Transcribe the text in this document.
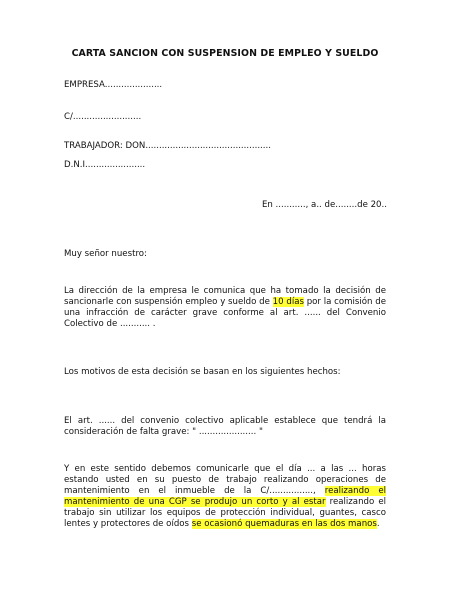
CARTA SANCION CON SUSPENSION DE EMPLEO Y SUELDO
EMPRESA.....................
C/.........................
TRABAJADOR: DON..............................................
D.N.I......................
En ..........., a.. de........de 20..
Muy señor nuestro:
La dirección de la empresa le comunica que ha tomado la decisión de sancionarle con suspensión empleo y sueldo de 10 días por la comisión de una infracción de carácter grave conforme al art. ...... del Convenio Colectivo de ........... .
Los motivos de esta decisión se basan en los siguientes hechos:
El art. ...... del convenio colectivo aplicable establece que tendrá la consideración de falta grave: " ..................... "
Y en este sentido debemos comunicarle que el día ... a las ... horas estando usted en su puesto de trabajo realizando operaciones de mantenimiento en el inmueble de la C/................, realizando el mantenimiento de una CGP se produjo un corto y al estar realizando el trabajo sin utilizar los equipos de protección individual, guantes, casco lentes y protectores de oídos se ocasionó quemaduras en las dos manos.
